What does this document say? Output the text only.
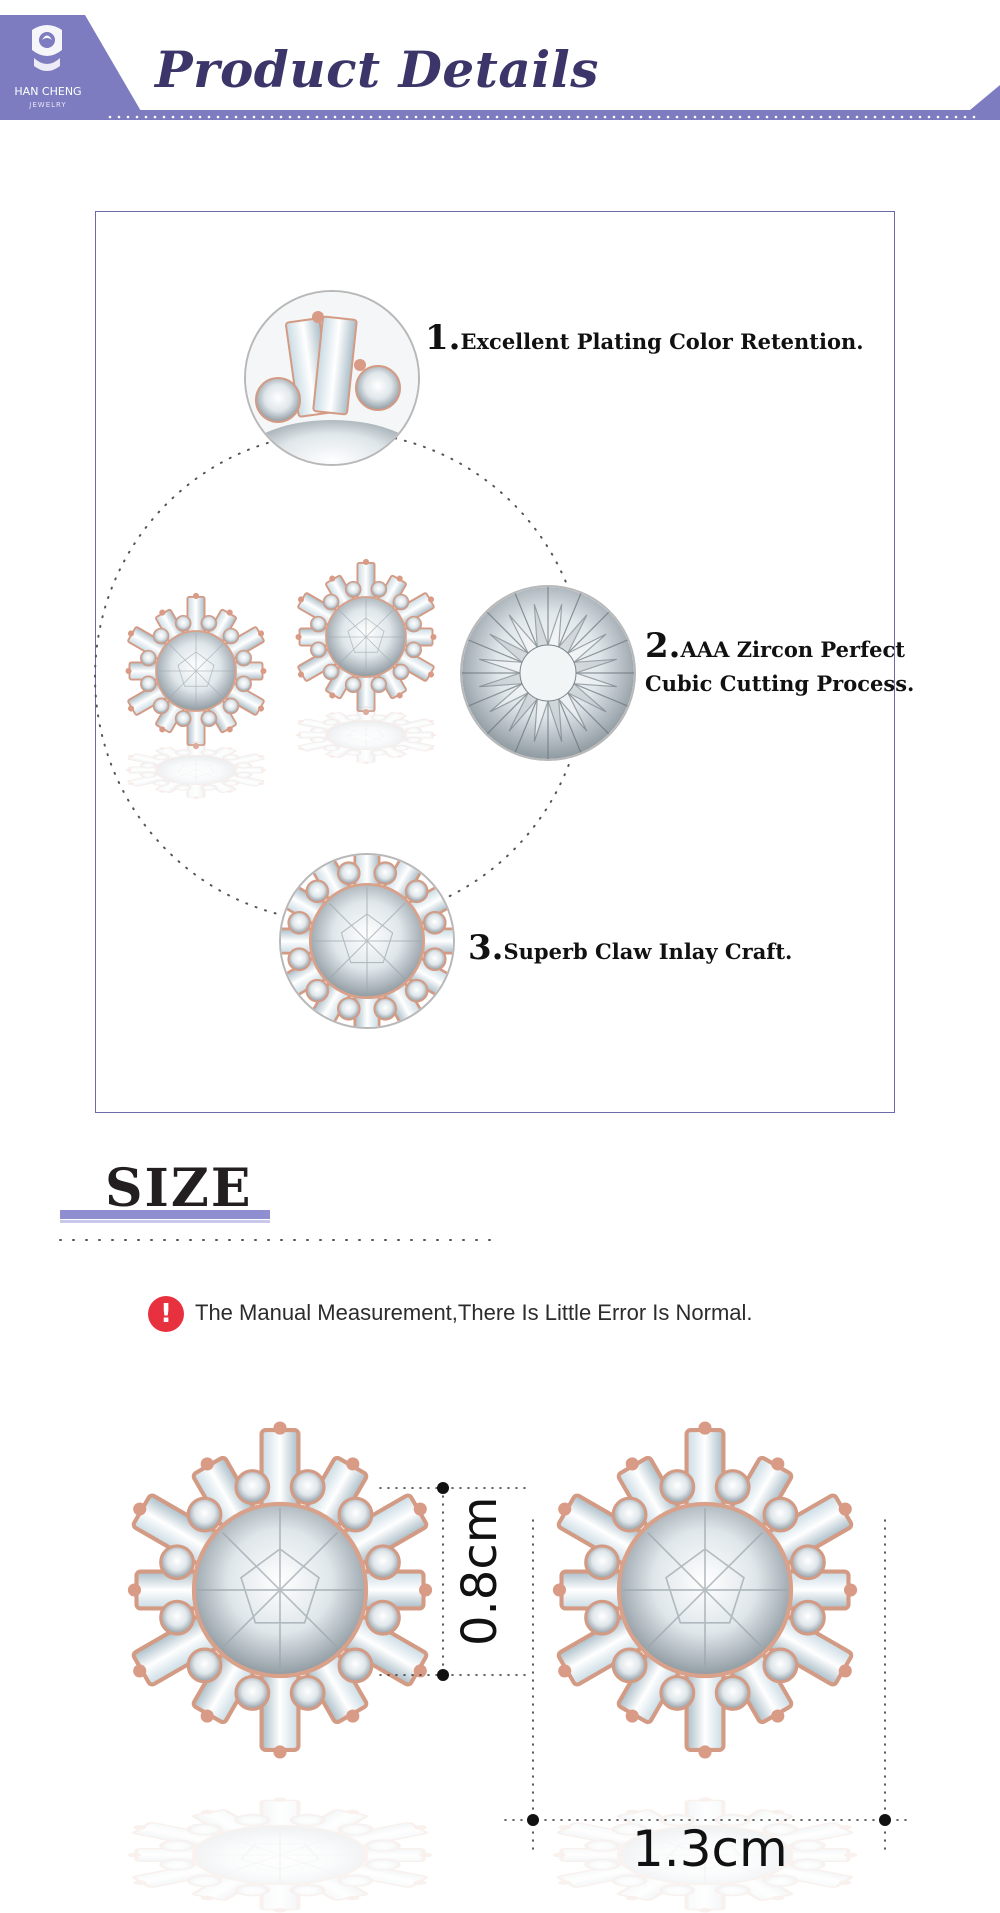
HAN CHENG
JEWELRY
Product Details
1.Excellent Plating Color Retention.
2.AAA Zircon Perfect
Cubic Cutting Process.
3.Superb Claw Inlay Craft.
SIZE
!	The Manual Measurement,There Is Little Error Is Normal.
0.8cm
1.3cm
